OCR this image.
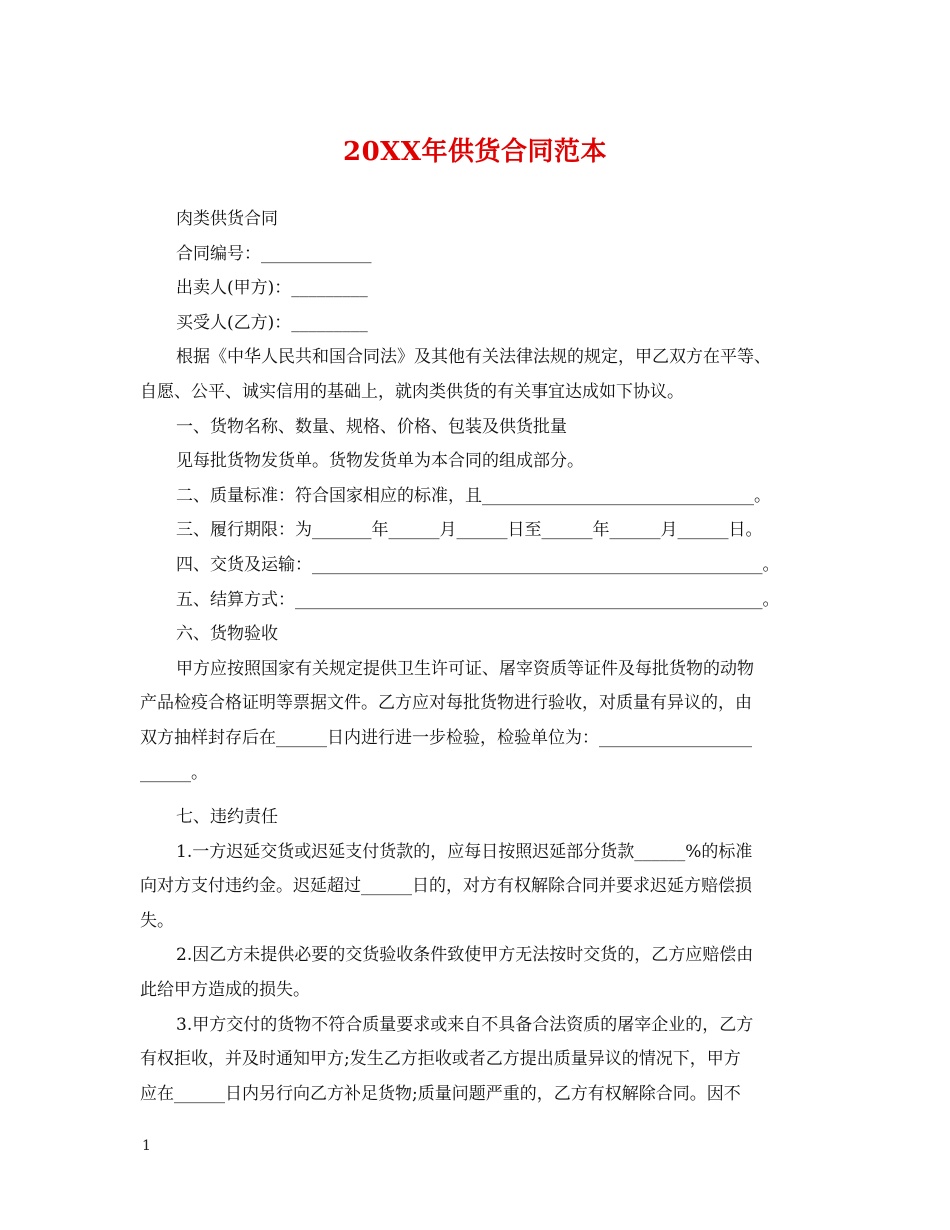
20XX年供货合同范本

肉类供货合同

合同编号：_____________

出卖人(甲方)：_________

买受人(乙方)：_________

根据《中华人民共和国合同法》及其他有关法律法规的规定，甲乙双方在平等、

自愿、公平、诚实信用的基础上，就肉类供货的有关事宜达成如下协议。

一、货物名称、数量、规格、价格、包装及供货批量

见每批货物发货单。货物发货单为本合同的组成部分。

二、质量标准：符合国家相应的标准，且________________________________。

三、履行期限：为_______年______月______日至______年______月______日。

四、交货及运输：_____________________________________________________。

五、结算方式：_______________________________________________________。

六、货物验收

甲方应按照国家有关规定提供卫生许可证、屠宰资质等证件及每批货物的动物

产品检疫合格证明等票据文件。乙方应对每批货物进行验收，对质量有异议的，由

双方抽样封存后在______日内进行进一步检验，检验单位为：__________________

______。

七、违约责任

1.一方迟延交货或迟延支付货款的，应每日按照迟延部分货款______%的标准

向对方支付违约金。迟延超过______日的，对方有权解除合同并要求迟延方赔偿损

失。

2.因乙方未提供必要的交货验收条件致使甲方无法按时交货的，乙方应赔偿由

此给甲方造成的损失。

3.甲方交付的货物不符合质量要求或来自不具备合法资质的屠宰企业的，乙方

有权拒收，并及时通知甲方;发生乙方拒收或者乙方提出质量异议的情况下，甲方

应在______日内另行向乙方补足货物;质量问题严重的，乙方有权解除合同。因不

1
